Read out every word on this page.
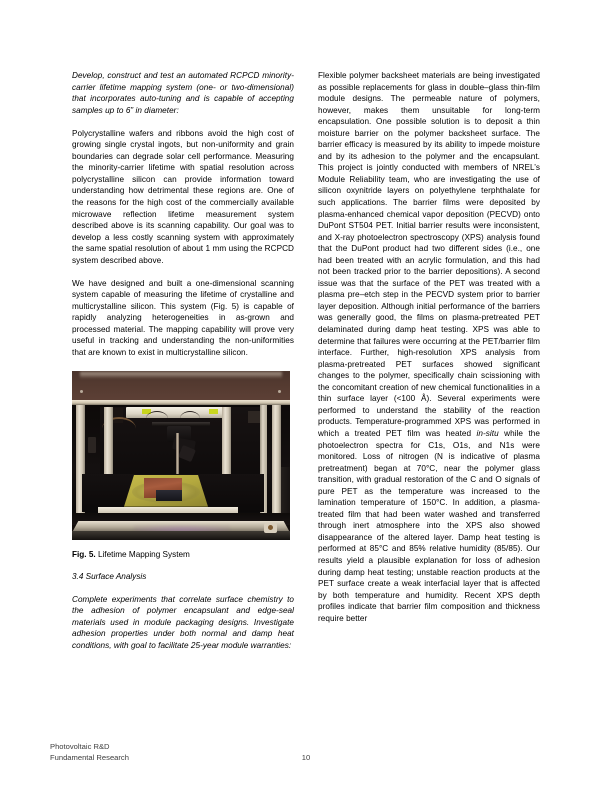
Develop, construct and test an automated RCPCD minority-carrier lifetime mapping system (one- or two-dimensional) that incorporates auto-tuning and is capable of accepting samples up to 6” in diameter:

Polycrystalline wafers and ribbons avoid the high cost of growing single crystal ingots, but non-uniformity and grain boundaries can degrade solar cell performance. Measuring the minority-carrier lifetime with spatial resolution across polycrystalline silicon can provide information toward understanding how detrimental these regions are. One of the reasons for the high cost of the commercially available microwave reflection lifetime measurement system described above is its scanning capability. Our goal was to develop a less costly scanning system with approximately the same spatial resolution of about 1 mm using the RCPCD system described above.

We have designed and built a one-dimensional scanning system capable of measuring the lifetime of crystalline and multicrystalline silicon. This system (Fig. 5) is capable of rapidly analyzing heterogeneities in as-grown and processed material. The mapping capability will prove very useful in tracking and understanding the non-uniformities that are known to exist in multicrystalline silicon.

Fig. 5. Lifetime Mapping System
3.4 Surface Analysis

Complete experiments that correlate surface chemistry to the adhesion of polymer encapsulant and edge-seal materials used in module packaging designs. Investigate adhesion properties under both normal and damp heat conditions, with goal to facilitate 25-year module warranties:

Flexible polymer backsheet materials are being investigated as possible replacements for glass in double–glass thin-film module designs. The permeable nature of polymers, however, makes them unsuitable for long-term encapsulation. One possible solution is to deposit a thin moisture barrier on the polymer backsheet surface. The barrier efficacy is measured by its ability to impede moisture and by its adhesion to the polymer and the encapsulant. This project is jointly conducted with members of NREL’s Module Reliability team, who are investigating the use of silicon oxynitride layers on polyethylene terphthalate for such applications. The barrier films were deposited by plasma-enhanced chemical vapor deposition (PECVD) onto DuPont ST504 PET. Initial barrier results were inconsistent, and X-ray photoelectron spectroscopy (XPS) analysis found that the DuPont product had two different sides (i.e., one had been treated with an acrylic formulation, and this had not been tracked prior to the barrier depositions). A second issue was that the surface of the PET was treated with a plasma pre–etch step in the PECVD system prior to barrier layer deposition. Although initial performance of the barriers was generally good, the films on plasma-pretreated PET delaminated during damp heat testing. XPS was able to determine that failures were occurring at the PET/barrier film interface. Further, high-resolution XPS analysis from plasma-pretreated PET surfaces showed significant changes to the polymer, specifically chain scissioning with the concomitant creation of new chemical functionalities in a thin surface layer (<100 Å). Several experiments were performed to understand the stability of the reaction products. Temperature-programmed XPS was performed in which a treated PET film was heated in-situ while the photoelectron spectra for C1s, O1s, and N1s were monitored. Loss of nitrogen (N is indicative of plasma pretreatment) began at 70°C, near the polymer glass transition, with gradual restoration of the C and O signals of pure PET as the temperature was increased to the lamination temperature of 150°C. In addition, a plasma-treated film that had been water washed and transferred through inert atmosphere into the XPS also showed disappearance of the altered layer. Damp heat testing is performed at 85°C and 85% relative humidity (85/85). Our results yield a plausible explanation for loss of adhesion during damp heat testing; unstable reaction products at the PET surface create a weak interfacial layer that is affected by both temperature and humidity. Recent XPS depth profiles indicate that barrier film composition and thickness require better

Photovoltaic R&D
Fundamental Research	10
